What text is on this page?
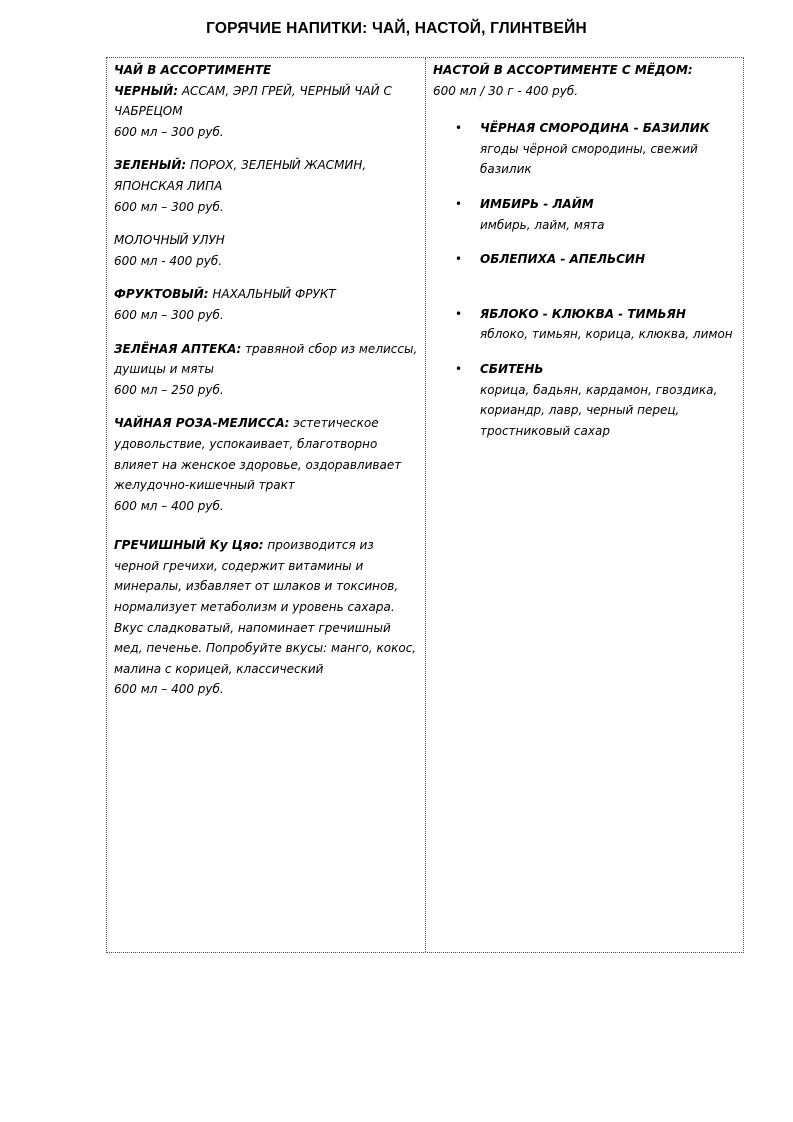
ГОРЯЧИЕ НАПИТКИ: ЧАЙ, НАСТОЙ, ГЛИНТВЕЙН
ЧАЙ В АССОРТИМЕНТЕ
ЧЕРНЫЙ: АССАМ, ЭРЛ ГРЕЙ, ЧЕРНЫЙ ЧАЙ С ЧАБРЕЦОМ
600 мл – 300 руб.
ЗЕЛЕНЫЙ: ПОРОХ, ЗЕЛЕНЫЙ ЖАСМИН, ЯПОНСКАЯ ЛИПА
600 мл – 300 руб.
МОЛОЧНЫЙ УЛУН
600 мл - 400 руб.
ФРУКТОВЫЙ: НАХАЛЬНЫЙ ФРУКТ
600 мл – 300 руб.
ЗЕЛЁНАЯ АПТЕКА: травяной сбор из мелиссы, душицы и мяты
600 мл – 250 руб.
ЧАЙНАЯ РОЗА-МЕЛИССА: эстетическое удовольствие, успокаивает, благотворно влияет на женское здоровье, оздоравливает желудочно-кишечный тракт
600 мл – 400 руб.
ГРЕЧИШНЫЙ Ку Цяо: производится из черной гречихи, содержит витамины и минералы, избавляет от шлаков и токсинов, нормализует метаболизм и уровень сахара. Вкус сладковатый, напоминает гречишный мед, печенье. Попробуйте вкусы: манго, кокос, малина с корицей, классический
600 мл – 400 руб.
НАСТОЙ В АССОРТИМЕНТЕ С МЁДОМ:
600 мл / 30 г - 400 руб.
• ЧЁРНАЯ СМОРОДИНА - БАЗИЛИК
ягоды чёрной смородины, свежий базилик
• ИМБИРЬ - ЛАЙМ
имбирь, лайм, мята
• ОБЛЕПИХА - АПЕЛЬСИН
• ЯБЛОКО - КЛЮКВА - ТИМЬЯН
яблоко, тимьян, корица, клюква, лимон
• СБИТЕНЬ
корица, бадьян, кардамон, гвоздика, кориандр, лавр, черный перец, тростниковый сахар
